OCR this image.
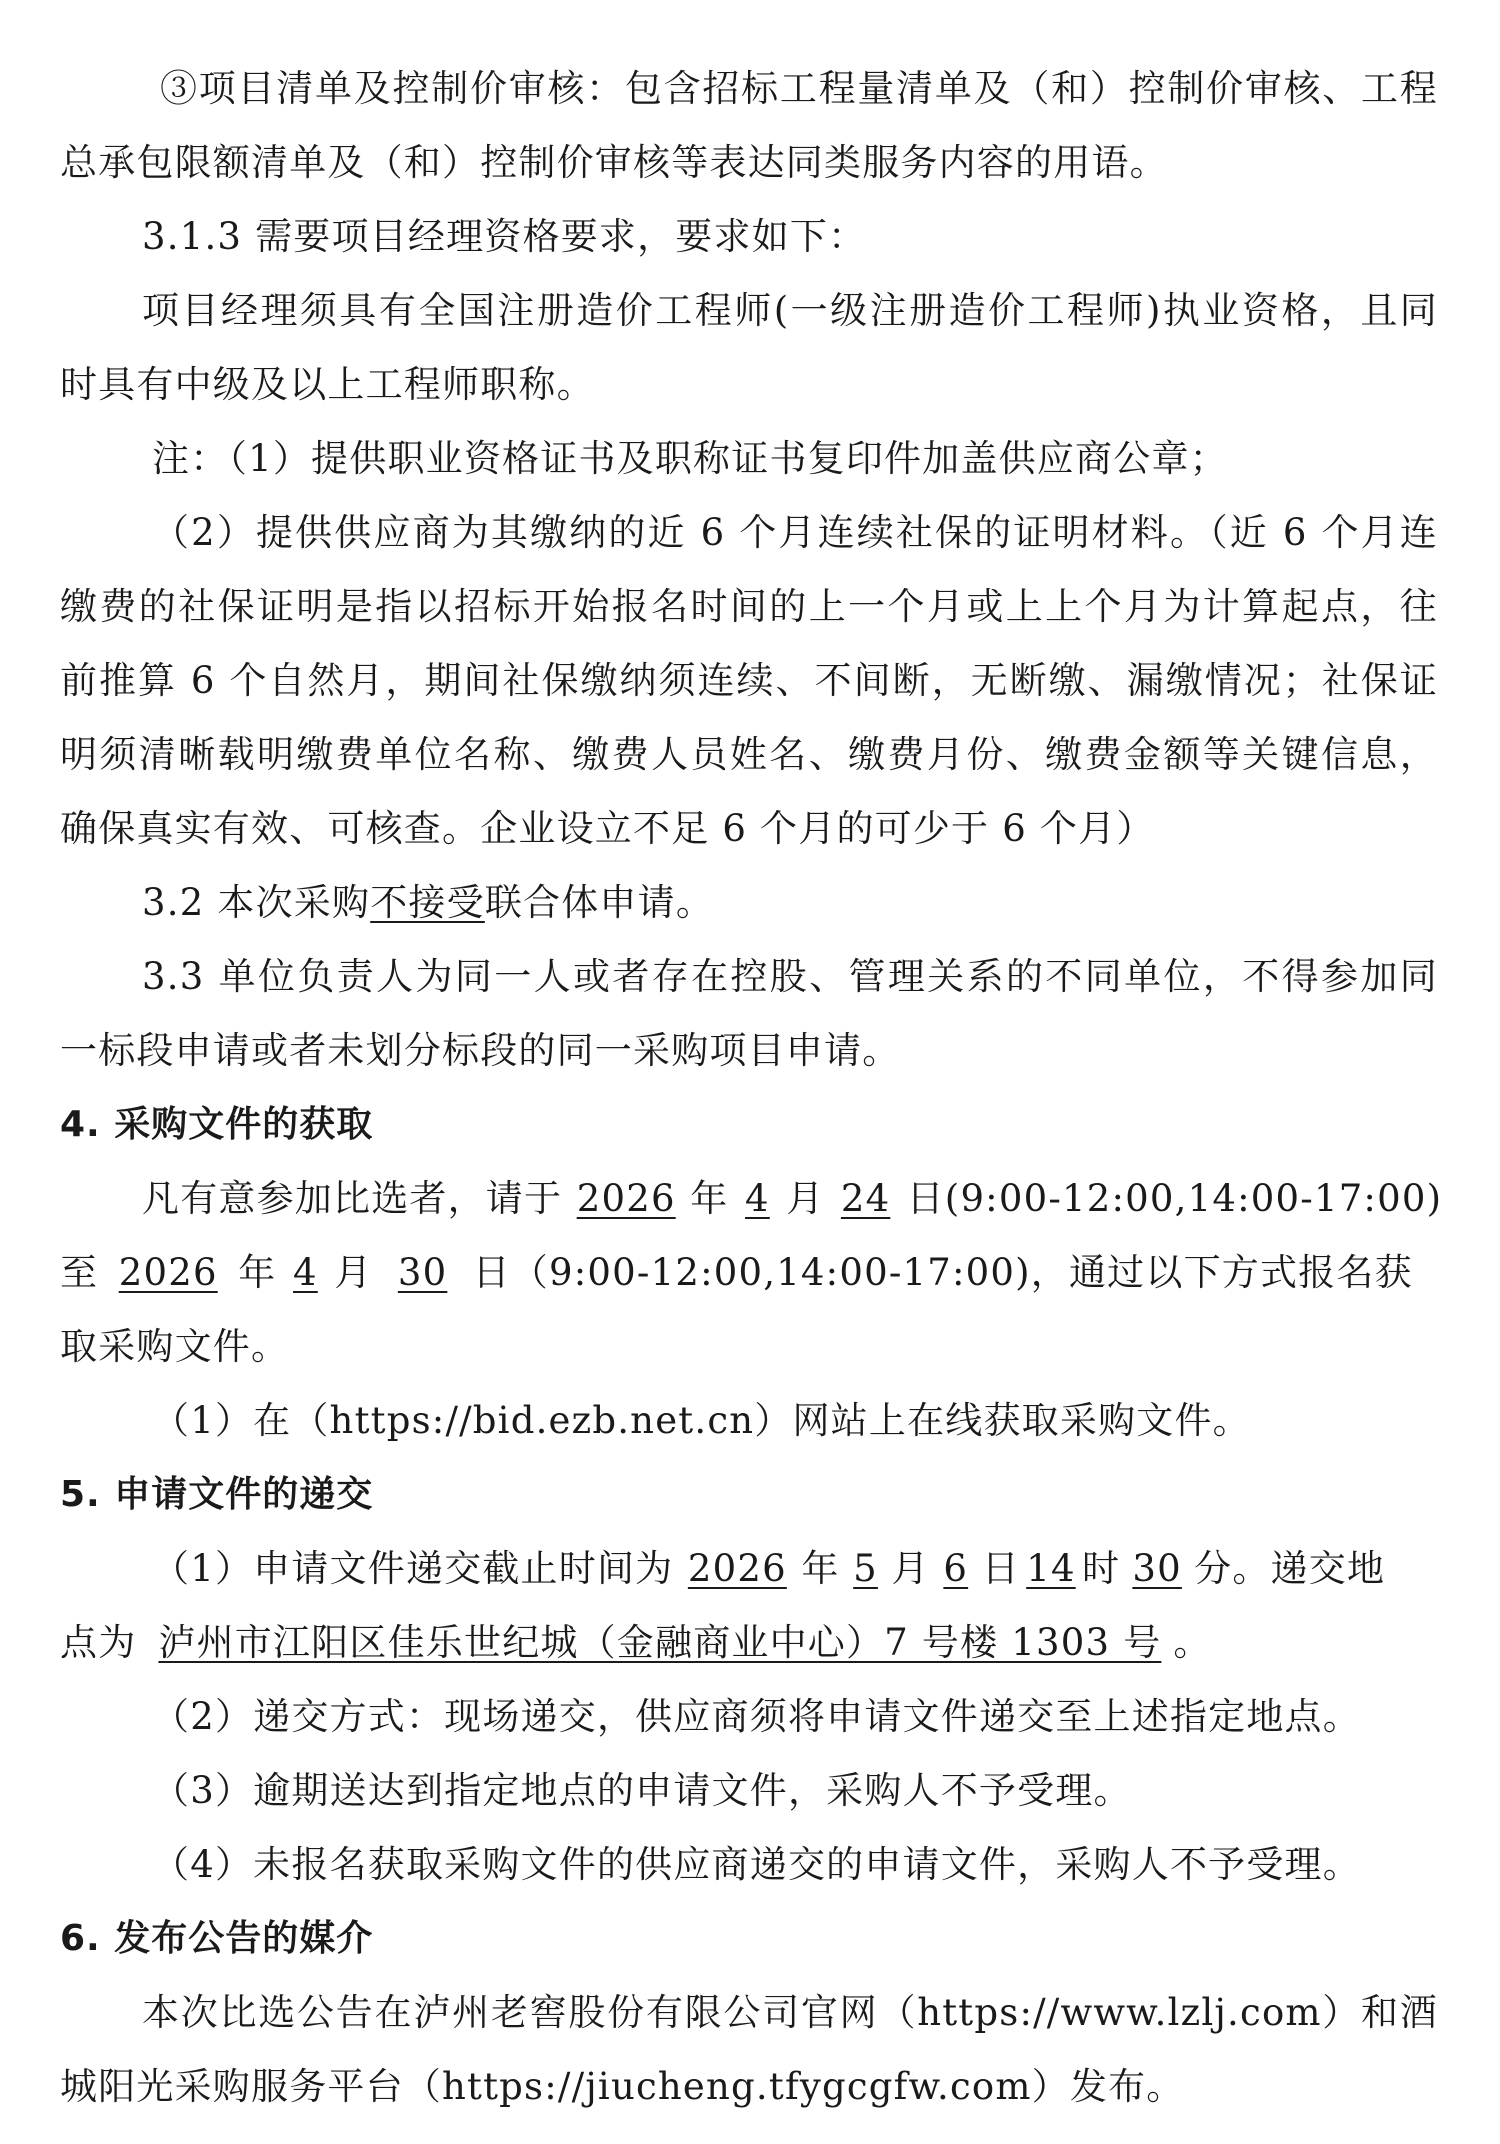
③项目清单及控制价审核：包含招标工程量清单及（和）控制价审核、工程
总承包限额清单及（和）控制价审核等表达同类服务内容的用语。
3.1.3 需要项目经理资格要求，要求如下：
项目经理须具有全国注册造价工程师(一级注册造价工程师)执业资格，且同
时具有中级及以上工程师职称。
注：（1）提供职业资格证书及职称证书复印件加盖供应商公章；
（2）提供供应商为其缴纳的近 6 个月连续社保的证明材料。（近 6 个月连
缴费的社保证明是指以招标开始报名时间的上一个月或上上个月为计算起点，往
前推算 6 个自然月，期间社保缴纳须连续、不间断，无断缴、漏缴情况；社保证
明须清晰载明缴费单位名称、缴费人员姓名、缴费月份、缴费金额等关键信息，
确保真实有效、可核查。企业设立不足 6 个月的可少于 6 个月）
3.2 本次采购不接受联合体申请。
3.3 单位负责人为同一人或者存在控股、管理关系的不同单位，不得参加同
一标段申请或者未划分标段的同一采购项目申请。
4. 采购文件的获取
凡有意参加比选者，请于 2026 年 4 月 24 日(9:00-12:00,14:00-17:00)
至 2026 年 4 月 30 日（9:00-12:00,14:00-17:00)，通过以下方式报名获
取采购文件。
（1）在（https://bid.ezb.net.cn）网站上在线获取采购文件。
5. 申请文件的递交
（1）申请文件递交截止时间为 2026 年 5 月 6 日 14 时 30 分。递交地
点为 泸州市江阳区佳乐世纪城（金融商业中心）7 号楼 1303 号 。
（2）递交方式：现场递交，供应商须将申请文件递交至上述指定地点。
（3）逾期送达到指定地点的申请文件，采购人不予受理。
（4）未报名获取采购文件的供应商递交的申请文件，采购人不予受理。
6. 发布公告的媒介
本次比选公告在泸州老窖股份有限公司官网（https://www.lzlj.com）和酒
城阳光采购服务平台（https://jiucheng.tfygcgfw.com）发布。
